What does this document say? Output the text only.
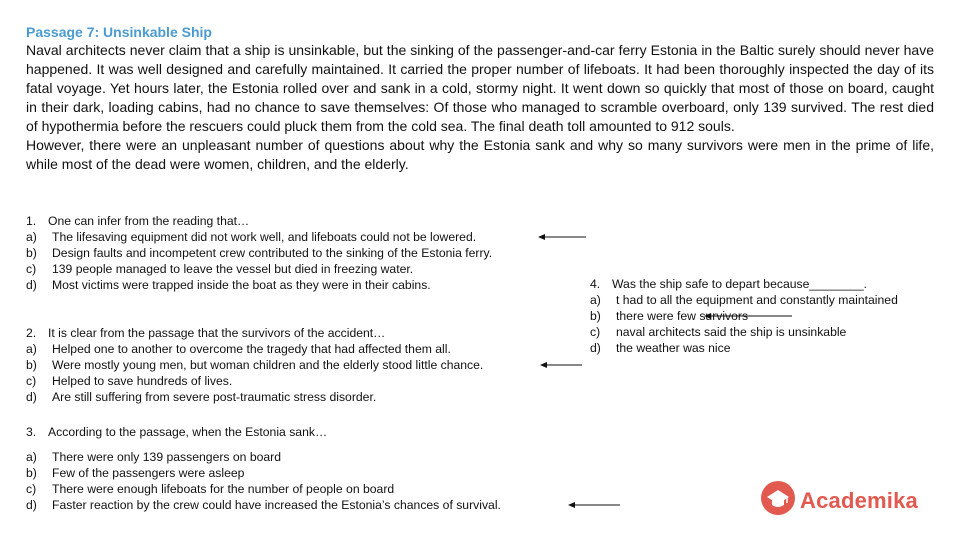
Passage 7: Unsinkable Ship

Naval architects never claim that a ship is unsinkable, but the sinking of the passenger-and-car ferry Estonia in the Baltic surely should never have happened. It was well designed and carefully maintained. It carried the proper number of lifeboats. It had been thoroughly inspected the day of its fatal voyage. Yet hours later, the Estonia rolled over and sank in a cold, stormy night. It went down so quickly that most of those on board, caught in their dark, loading cabins, had no chance to save themselves: Of those who managed to scramble overboard, only 139 survived. The rest died of hypothermia before the rescuers could pluck them from the cold sea. The final death toll amounted to 912 souls.

However, there were an unpleasant number of questions about why the Estonia sank and why so many survivors were men in the prime of life, while most of the dead were women, children, and the elderly.

1. One can infer from the reading that…
a)	The lifesaving equipment did not work well, and lifeboats could not be lowered.
b)	Design faults and incompetent crew contributed to the sinking of the Estonia ferry.
c)	139 people managed to leave the vessel but died in freezing water.
d)	Most victims were trapped inside the boat as they were in their cabins.
2. It is clear from the passage that the survivors of the accident…
a)	Helped one to another to overcome the tragedy that had affected them all.
b)	Were mostly young men, but woman children and the elderly stood little chance.
c)	Helped to save hundreds of lives.
d)	Are still suffering from severe post-traumatic stress disorder.
3. According to the passage, when the Estonia sank…
a)	There were only 139 passengers on board
b)	Few of the passengers were asleep
c)	There were enough lifeboats for the number of people on board
d)	Faster reaction by the crew could have increased the Estonia’s chances of survival.
4. Was the ship safe to depart because________.
a)	t had to all the equipment and constantly maintained
b)	there were few survivors
c)	naval architects said the ship is unsinkable
d)	the weather was nice
Academika
